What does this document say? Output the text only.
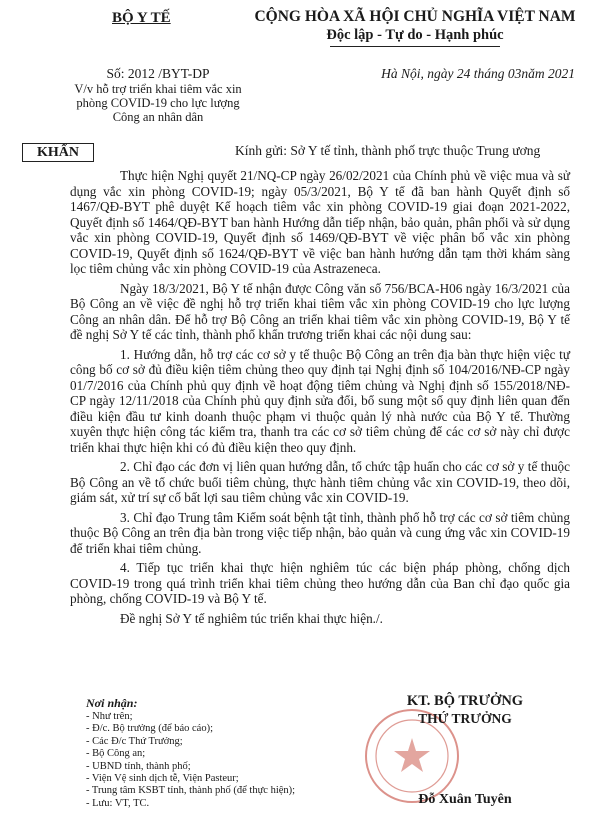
BỘ Y TẾ	CỘNG HÒA XÃ HỘI CHỦ NGHĨA VIỆT NAM
Độc lập - Tự do - Hạnh phúc
Số: 2012 /BYT-DP
V/v hỗ trợ triển khai tiêm vắc xin
phòng COVID-19 cho lực lượng
Công an nhân dân
Hà Nội, ngày 24 tháng 03năm 2021
KHẨN	Kính gửi: Sở Y tế tỉnh, thành phố trực thuộc Trung ương

Thực hiện Nghị quyết 21/NQ-CP ngày 26/02/2021 của Chính phủ về việc mua và sử dụng vắc xin phòng COVID-19; ngày 05/3/2021, Bộ Y tế đã ban hành Quyết định số 1467/QĐ-BYT phê duyệt Kế hoạch tiêm vắc xin phòng COVID-19 giai đoạn 2021-2022, Quyết định số 1464/QĐ-BYT ban hành Hướng dẫn tiếp nhận, bảo quản, phân phối và sử dụng vắc xin phòng COVID-19, Quyết định số 1469/QĐ-BYT về việc phân bổ vắc xin phòng COVID-19, Quyết định số 1624/QĐ-BYT về việc ban hành hướng dẫn tạm thời khám sàng lọc tiêm chủng vắc xin phòng COVID-19 của Astrazeneca.

Ngày 18/3/2021, Bộ Y tế nhận được Công văn số 756/BCA-H06 ngày 16/3/2021 của Bộ Công an về việc đề nghị hỗ trợ triển khai tiêm vắc xin phòng COVID-19 cho lực lượng Công an nhân dân. Để hỗ trợ Bộ Công an triển khai tiêm vắc xin phòng COVID-19, Bộ Y tế đề nghị Sở Y tế các tỉnh, thành phố khẩn trương triển khai các nội dung sau:

1. Hướng dẫn, hỗ trợ các cơ sở y tế thuộc Bộ Công an trên địa bàn thực hiện việc tự công bố cơ sở đủ điều kiện tiêm chủng theo quy định tại Nghị định số 104/2016/NĐ-CP ngày 01/7/2016 của Chính phủ quy định về hoạt động tiêm chủng và Nghị định số 155/2018/NĐ-CP ngày 12/11/2018 của Chính phủ quy định sửa đổi, bổ sung một số quy định liên quan đến điều kiện đầu tư kinh doanh thuộc phạm vi thuộc quản lý nhà nước của Bộ Y tế. Thường xuyên thực hiện công tác kiểm tra, thanh tra các cơ sở tiêm chủng để các cơ sở này chỉ được triển khai thực hiện khi có đủ điều kiện theo quy định.

2. Chỉ đạo các đơn vị liên quan hướng dẫn, tổ chức tập huấn cho các cơ sở y tế thuộc Bộ Công an về tổ chức buổi tiêm chủng, thực hành tiêm chủng vắc xin COVID-19, theo dõi, giám sát, xử trí sự cố bất lợi sau tiêm chủng vắc xin COVID-19.

3. Chỉ đạo Trung tâm Kiểm soát bệnh tật tỉnh, thành phố hỗ trợ các cơ sở tiêm chủng thuộc Bộ Công an trên địa bàn trong việc tiếp nhận, bảo quản và cung ứng vắc xin COVID-19 để triển khai tiêm chủng.

4. Tiếp tục triển khai thực hiện nghiêm túc các biện pháp phòng, chống dịch COVID-19 trong quá trình triển khai tiêm chủng theo hướng dẫn của Ban chỉ đạo quốc gia phòng, chống COVID-19 và Bộ Y tế.

Đề nghị Sở Y tế nghiêm túc triển khai thực hiện./.

Nơi nhận:
- Như trên;
- Đ/c. Bộ trưởng (để báo cáo);
- Các Đ/c Thứ Trưởng;
- Bộ Công an;
- UBND tỉnh, thành phố;
- Viện Vệ sinh dịch tễ, Viện Pasteur;
- Trung tâm KSBT tỉnh, thành phố (để thực hiện);
- Lưu: VT, TC.
KT. BỘ TRƯỞNG
THỨ TRƯỞNG
Đỗ Xuân Tuyên
